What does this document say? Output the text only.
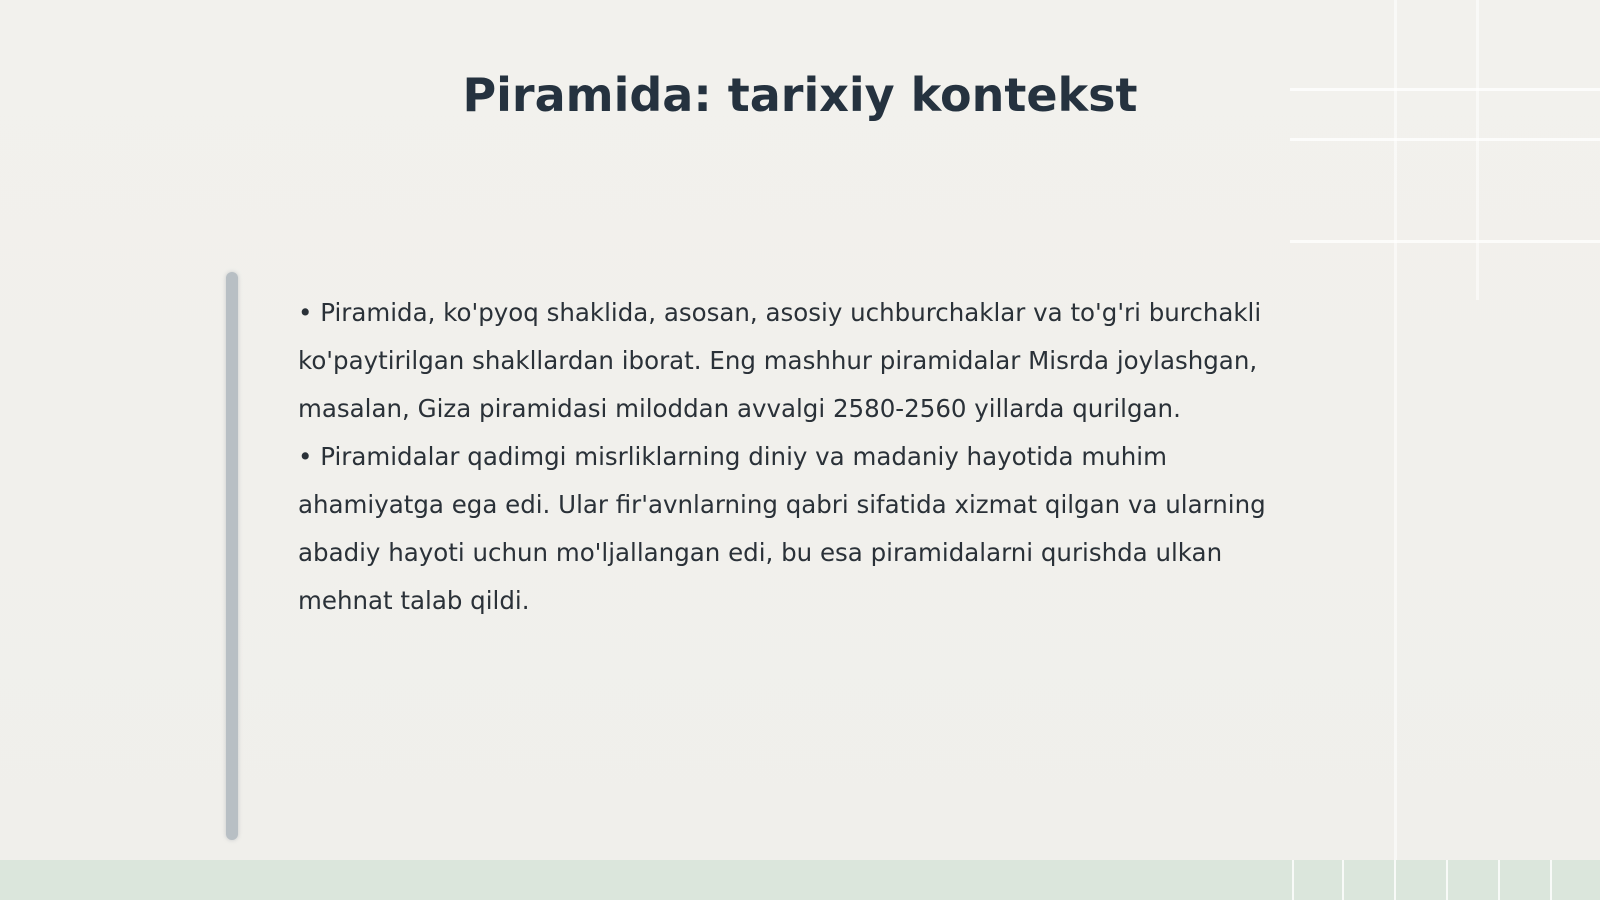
Piramida: tarixiy kontekst

• Piramida, ko'pyoq shaklida, asosan, asosiy uchburchaklar va to'g'ri burchakli ko'paytirilgan shakllardan iborat. Eng mashhur piramidalar Misrda joylashgan, masalan, Giza piramidasi miloddan avvalgi 2580-2560 yillarda qurilgan.

• Piramidalar qadimgi misrliklarning diniy va madaniy hayotida muhim ahamiyatga ega edi. Ular fir'avnlarning qabri sifatida xizmat qilgan va ularning abadiy hayoti uchun mo'ljallangan edi, bu esa piramidalarni qurishda ulkan mehnat talab qildi.
